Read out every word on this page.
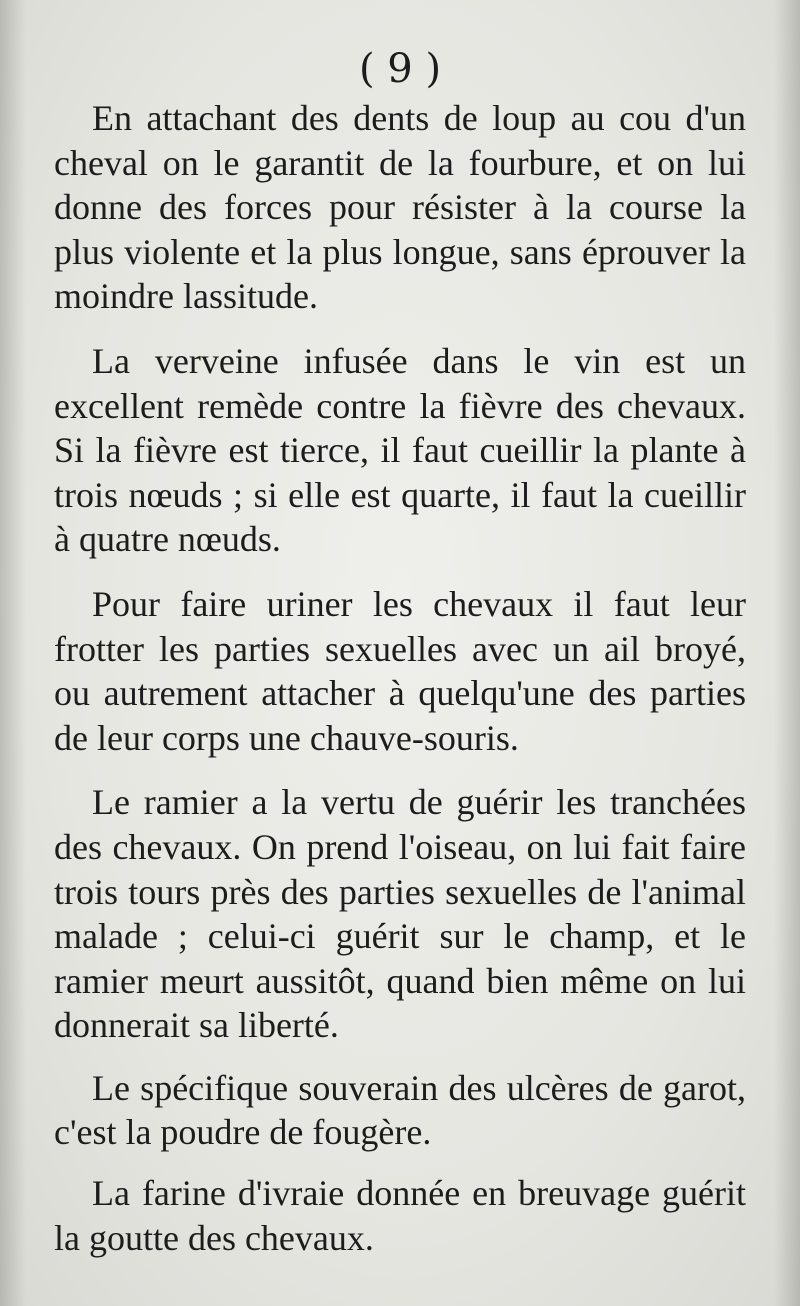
( 9 )

En attachant des dents de loup au cou d'un cheval on le garantit de la fourbure, et on lui donne des forces pour résister à la course la plus violente et la plus longue, sans éprouver la moindre lassitude.

La verveine infusée dans le vin est un excellent remède contre la fièvre des chevaux. Si la fièvre est tierce, il faut cueillir la plante à trois nœuds ; si elle est quarte, il faut la cueillir à quatre nœuds.

Pour faire uriner les chevaux il faut leur frotter les parties sexuelles avec un ail broyé, ou autrement attacher à quelqu'une des parties de leur corps une chauve-souris.

Le ramier a la vertu de guérir les tranchées des chevaux. On prend l'oiseau, on lui fait faire trois tours près des parties sexuelles de l'animal malade ; celui-ci guérit sur le champ, et le ramier meurt aussitôt, quand bien même on lui donnerait sa liberté.

Le spécifique souverain des ulcères de garot, c'est la poudre de fougère.

La farine d'ivraie donnée en breuvage guérit la goutte des chevaux.
